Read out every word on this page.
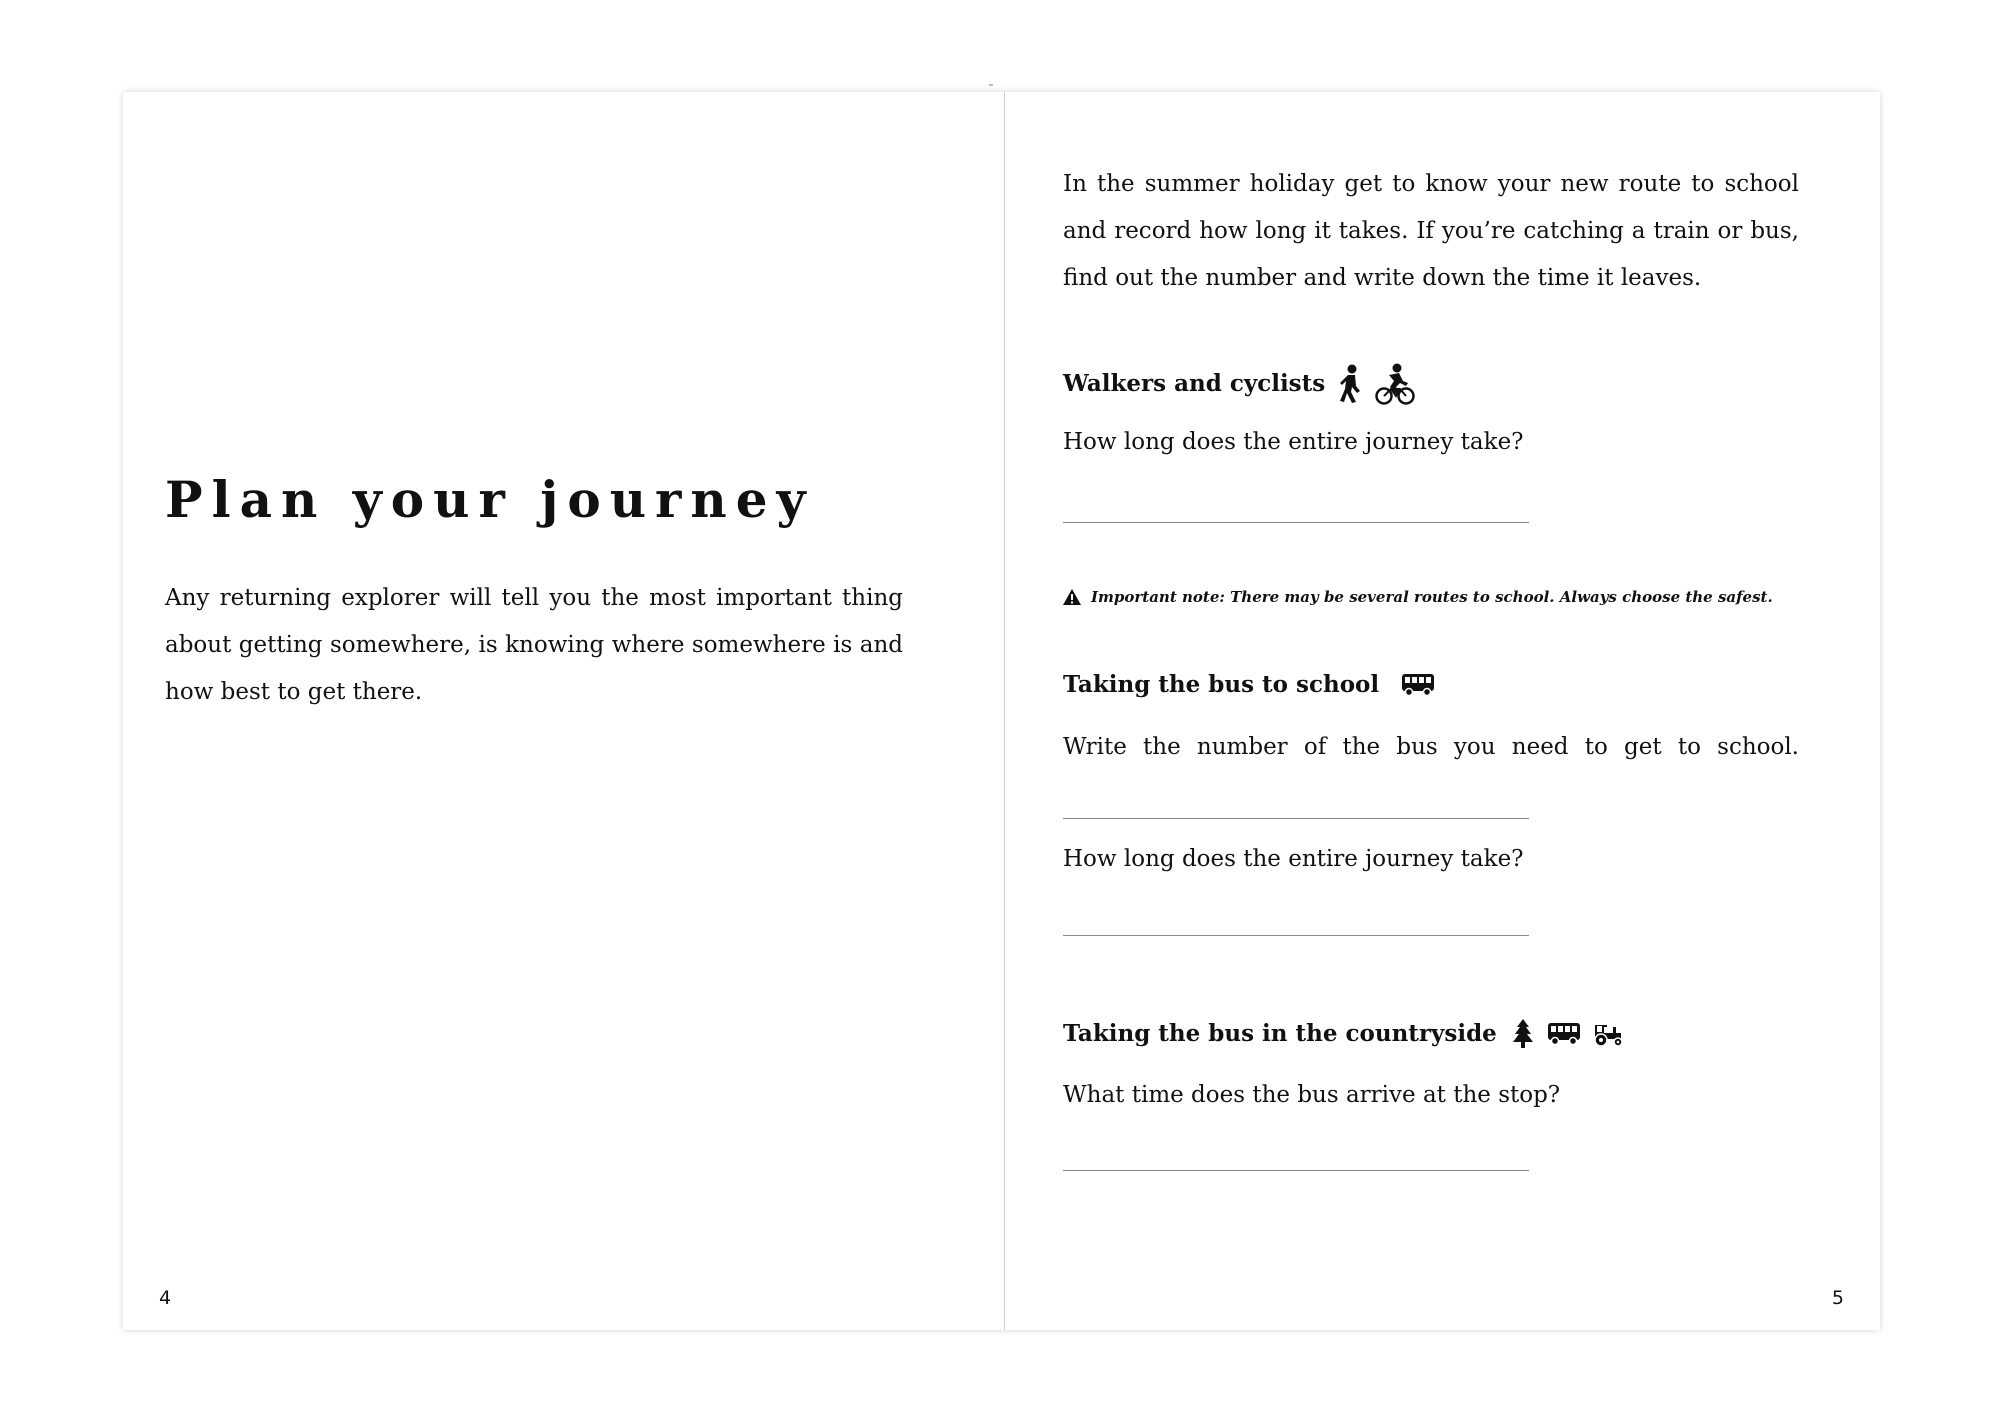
Plan your journey

Any returning explorer will tell you the most important thing about getting somewhere, is knowing where somewhere is and how best to get there.

4

In the summer holiday get to know your new route to school and record how long it takes. If you’re catching a train or bus, find out the number and write down the time it leaves.

Walkers and cyclists

How long does the entire journey take?

Important note: There may be several routes to school. Always choose the safest.
Taking the bus to school

Write the number of the bus you need to get to school.

How long does the entire journey take?

Taking the bus in the countryside

What time does the bus arrive at the stop?

5
